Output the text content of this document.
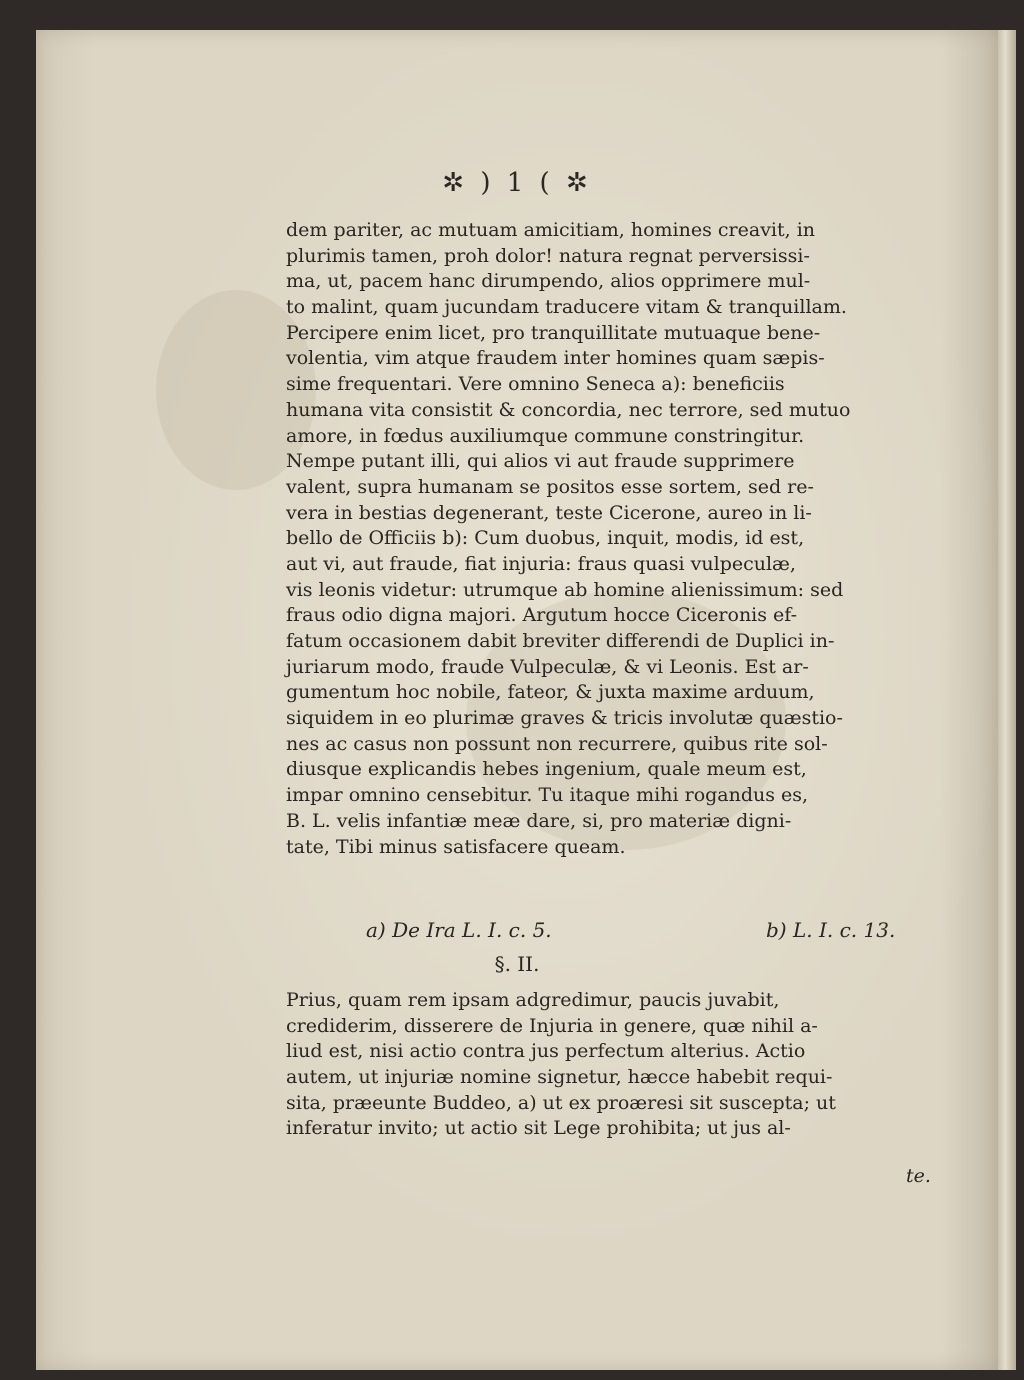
✲ ) 1 ( ✲
dem pariter, ac mutuam amicitiam, homines creavit, in
plurimis tamen, proh dolor! natura regnat perversissi-
ma, ut, pacem hanc dirumpendo, alios opprimere mul-
to malint, quam jucundam traducere vitam & tranquillam.
Percipere enim licet, pro tranquillitate mutuaque bene-
volentia, vim atque fraudem inter homines quam sæpis-
sime frequentari. Vere omnino Seneca a): beneficiis
humana vita consistit & concordia, nec terrore, sed mutuo
amore, in fœdus auxiliumque commune constringitur.
Nempe putant illi, qui alios vi aut fraude supprimere
valent, supra humanam se positos esse sortem, sed re-
vera in bestias degenerant, teste Cicerone, aureo in li-
bello de Officiis b): Cum duobus, inquit, modis, id est,
aut vi, aut fraude, fiat injuria: fraus quasi vulpeculæ,
vis leonis videtur: utrumque ab homine alienissimum: sed
fraus odio digna majori. Argutum hocce Ciceronis ef-
fatum occasionem dabit breviter differendi de Duplici in-
juriarum modo, fraude Vulpeculæ, & vi Leonis. Est ar-
gumentum hoc nobile, fateor, & juxta maxime arduum,
siquidem in eo plurimæ graves & tricis involutæ quæstio-
nes ac casus non possunt non recurrere, quibus rite sol-
diusque explicandis hebes ingenium, quale meum est,
impar omnino censebitur. Tu itaque mihi rogandus es,
B. L. velis infantiæ meæ dare, si, pro materiæ digni-
tate, Tibi minus satisfacere queam.
a) De Ira L. I. c. 5.	b) L. I. c. 13.
§. II.
Prius, quam rem ipsam adgredimur, paucis juvabit,
crediderim, disserere de Injuria in genere, quæ nihil a-
liud est, nisi actio contra jus perfectum alterius. Actio
autem, ut injuriæ nomine signetur, hæcce habebit requi-
sita, præeunte Buddeo, a) ut ex proæresi sit suscepta; ut
inferatur invito; ut actio sit Lege prohibita; ut jus al-
te.
